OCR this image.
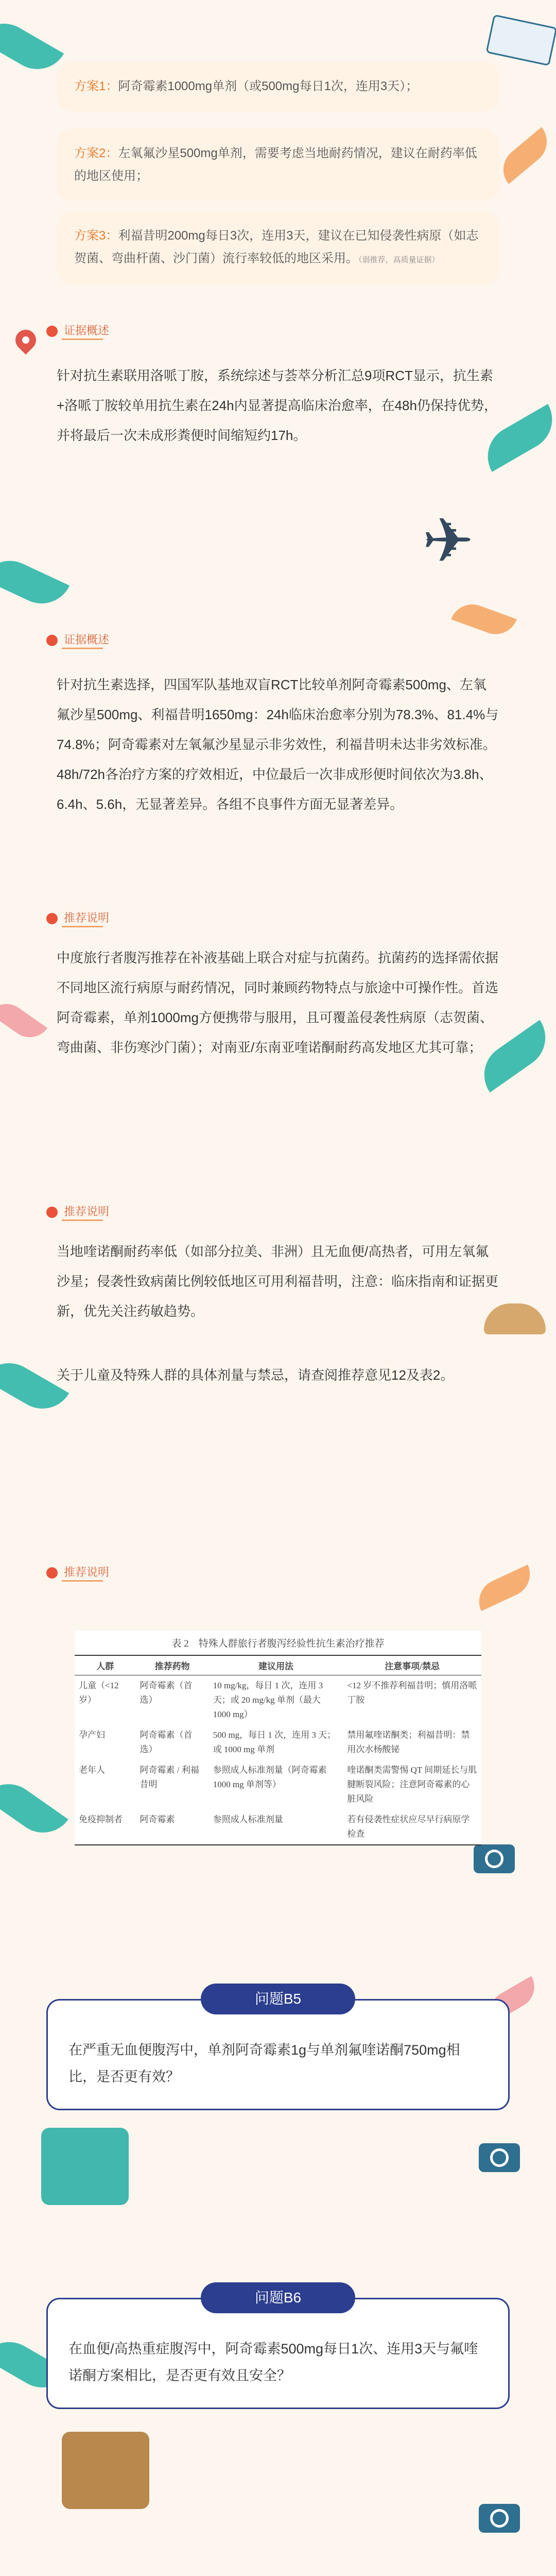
✈
方案1：阿奇霉素1000mg单剂（或500mg每日1次，连用3天）；
方案2：左氧氟沙星500mg单剂，需要考虑当地耐药情况，建议在耐药率低的地区使用；
方案3：利福昔明200mg每日3次，连用3天，建议在已知侵袭性病原（如志贺菌、弯曲杆菌、沙门菌）流行率较低的地区采用。（弱推荐，高质量证据）
证据概述
针对抗生素联用洛哌丁胺，系统综述与荟萃分析汇总9项RCT显示，抗生素+洛哌丁胺较单用抗生素在24h内显著提高临床治愈率，在48h仍保持优势，并将最后一次未成形粪便时间缩短约17h。
证据概述
针对抗生素选择，四国军队基地双盲RCT比较单剂阿奇霉素500mg、左氧氟沙星500mg、利福昔明1650mg：24h临床治愈率分别为78.3%、81.4%与74.8%；阿奇霉素对左氧氟沙星显示非劣效性，利福昔明未达非劣效标准。48h/72h各治疗方案的疗效相近，中位最后一次非成形便时间依次为3.8h、6.4h、5.6h，无显著差异。各组不良事件方面无显著差异。
推荐说明
中度旅行者腹泻推荐在补液基础上联合对症与抗菌药。抗菌药的选择需依据不同地区流行病原与耐药情况，同时兼顾药物特点与旅途中可操作性。首选阿奇霉素，单剂1000mg方便携带与服用，且可覆盖侵袭性病原（志贺菌、弯曲菌、非伤寒沙门菌）；对南亚/东南亚喹诺酮耐药高发地区尤其可靠；
推荐说明
当地喹诺酮耐药率低（如部分拉美、非洲）且无血便/高热者，可用左氧氟沙星；侵袭性致病菌比例较低地区可用利福昔明，注意：临床指南和证据更新，优先关注药敏趋势。
关于儿童及特殊人群的具体剂量与禁忌，请查阅推荐意见12及表2。
推荐说明
表 2　特殊人群旅行者腹泻经验性抗生素治疗推荐
人群	推荐药物	建议用法	注意事项/禁忌
儿童（<12 岁）	阿奇霉素（首选）	10 mg/kg，每日 1 次，连用 3 天；或 20 mg/kg 单剂（最大 1000 mg）	<12 岁不推荐利福昔明；慎用洛哌丁胺
孕产妇	阿奇霉素（首选）	500 mg，每日 1 次，连用 3 天；或 1000 mg 单剂	禁用氟喹诺酮类；利福昔明：禁用次水杨酸铋
老年人	阿奇霉素 / 利福昔明	参照成人标准剂量（阿奇霉素 1000 mg 单剂等）	喹诺酮类需警惕 QT 间期延长与肌腱断裂风险；注意阿奇霉素的心脏风险
免疫抑制者	阿奇霉素	参照成人标准剂量	若有侵袭性症状应尽早行病原学检查
在严重无血便腹泻中，单剂阿奇霉素1g与单剂氟喹诺酮750mg相比，是否更有效？
问题B5
在血便/高热重症腹泻中，阿奇霉素500mg每日1次、连用3天与氟喹诺酮方案相比，是否更有效且安全？
问题B6
